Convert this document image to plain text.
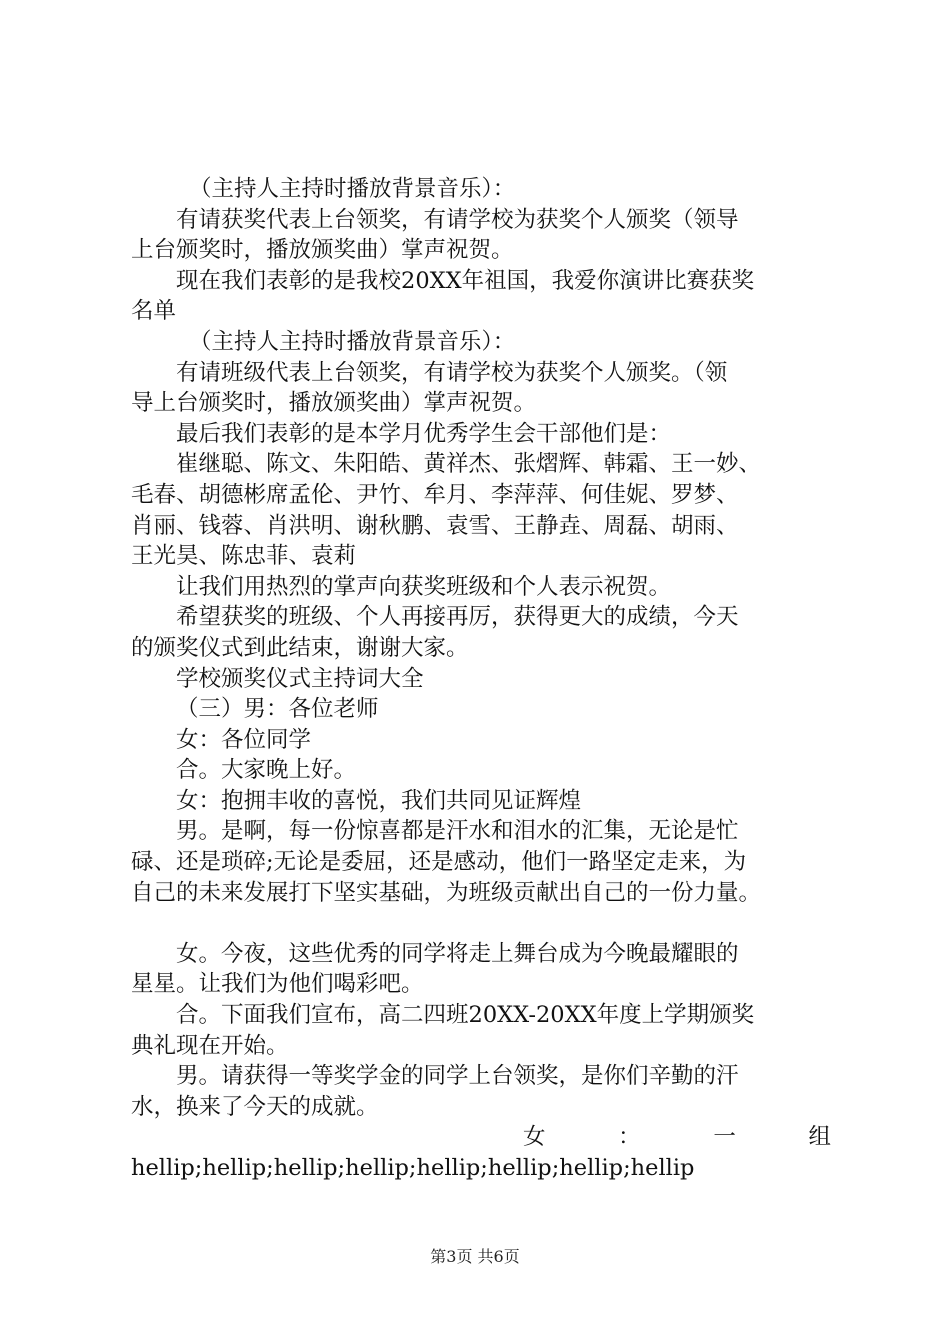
（主持人主持时播放背景音乐）：
有请获奖代表上台领奖，有请学校为获奖个人颁奖（领导
上台颁奖时，播放颁奖曲）掌声祝贺。
现在我们表彰的是我校20XX年祖国，我爱你演讲比赛获奖
名单
（主持人主持时播放背景音乐）：
有请班级代表上台领奖，有请学校为获奖个人颁奖。（领
导上台颁奖时，播放颁奖曲）掌声祝贺。
最后我们表彰的是本学月优秀学生会干部他们是：
崔继聪、陈文、朱阳皓、黄祥杰、张熠辉、韩霜、王一妙、
毛春、胡德彬席孟伦、尹竹、牟月、李萍萍、何佳妮、罗梦、
肖丽、钱蓉、肖洪明、谢秋鹏、袁雪、王静垚、周磊、胡雨、
王光昊、陈忠菲、袁莉
让我们用热烈的掌声向获奖班级和个人表示祝贺。
希望获奖的班级、个人再接再厉，获得更大的成绩，今天
的颁奖仪式到此结束，谢谢大家。
学校颁奖仪式主持词大全
（三）男：各位老师
女：各位同学
合。大家晚上好。
女：抱拥丰收的喜悦，我们共同见证辉煌
男。是啊，每一份惊喜都是汗水和泪水的汇集，无论是忙
碌、还是琐碎;无论是委屈，还是感动，他们一路坚定走来，为
自己的未来发展打下坚实基础，为班级贡献出自己的一份力量。
女。今夜，这些优秀的同学将走上舞台成为今晚最耀眼的
星星。让我们为他们喝彩吧。
合。下面我们宣布，高二四班20XX-20XX年度上学期颁奖
典礼现在开始。
男。请获得一等奖学金的同学上台领奖，是你们辛勤的汗
水，换来了今天的成就。
女	：	一	组
hellip;hellip;hellip;hellip;hellip;hellip;hellip;hellip
第3页 共6页
